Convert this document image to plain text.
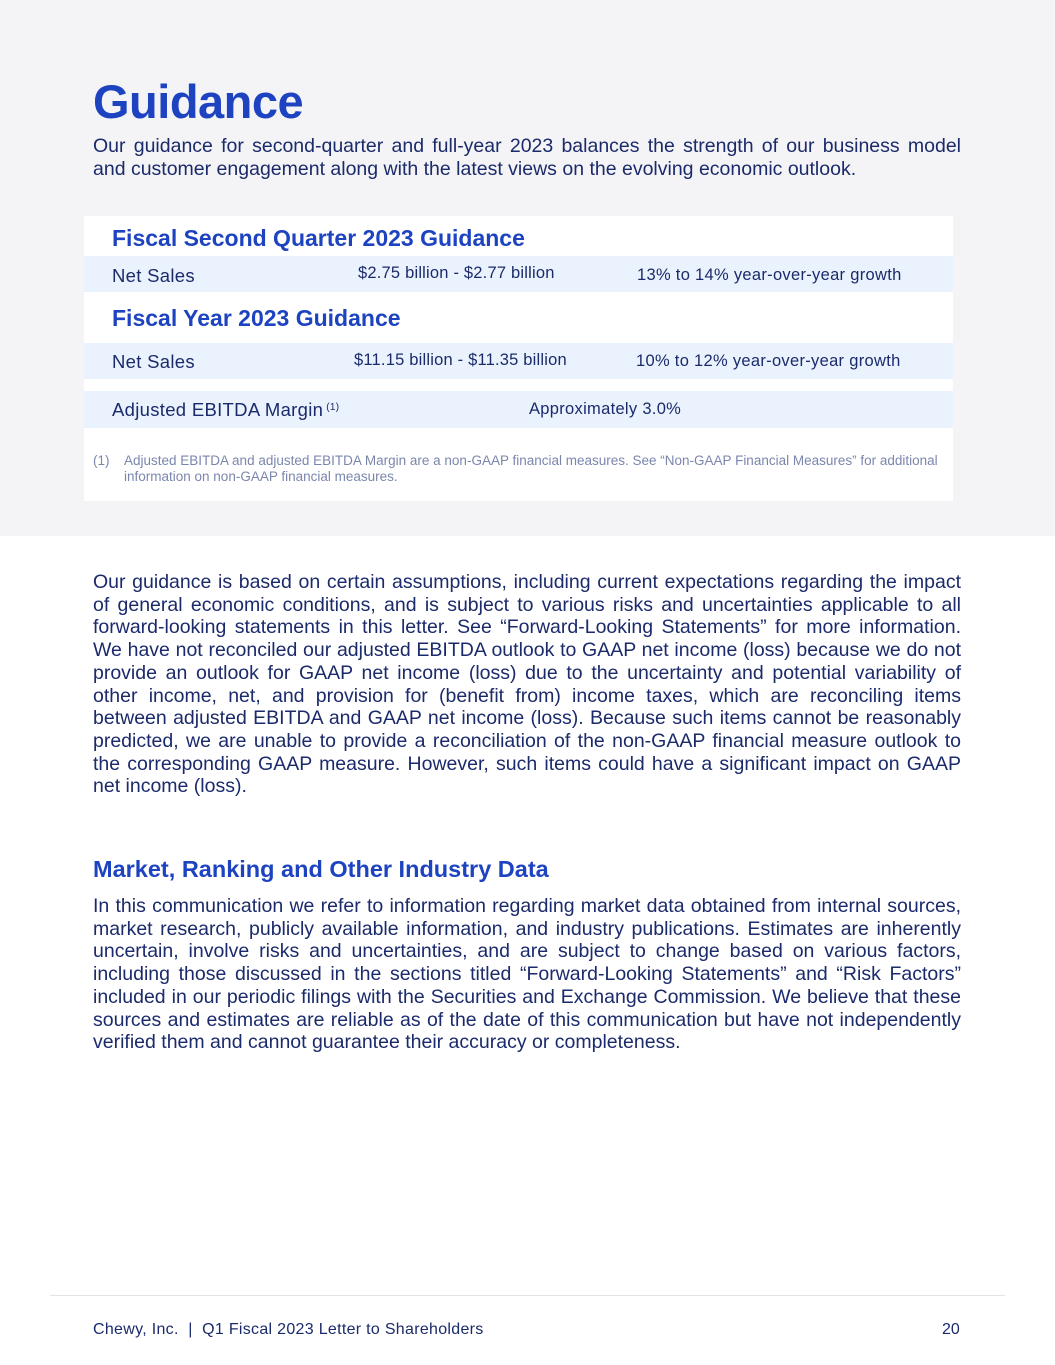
Guidance

Our guidance for second-quarter and full-year 2023 balances the strength of our business model and customer engagement along with the latest views on the evolving economic outlook.

Fiscal Second Quarter 2023 Guidance
Net Sales	$2.75 billion - $2.77 billion	13% to 14% year-over-year growth
Fiscal Year 2023 Guidance
Net Sales	$11.15 billion - $11.35 billion	10% to 12% year-over-year growth
Adjusted EBITDA Margin $^{(1)}$	Approximately 3.0%
(1) Adjusted EBITDA and adjusted EBITDA Margin are a non-GAAP financial measures. See “Non-GAAP Financial Measures” for additional information on non-GAAP financial measures.

Our guidance is based on certain assumptions, including current expectations regarding the impact of general economic conditions, and is subject to various risks and uncertainties applicable to all forward-looking statements in this letter. See “Forward-Looking Statements” for more information. We have not reconciled our adjusted EBITDA outlook to GAAP net income (loss) because we do not provide an outlook for GAAP net income (loss) due to the uncertainty and potential variability of other income, net, and provision for (benefit from) income taxes, which are reconciling items between adjusted EBITDA and GAAP net income (loss). Because such items cannot be reasonably predicted, we are unable to provide a reconciliation of the non-GAAP financial measure outlook to the corresponding GAAP measure. However, such items could have a significant impact on GAAP net income (loss).

Market, Ranking and Other Industry Data

In this communication we refer to information regarding market data obtained from internal sources, market research, publicly available information, and industry publications. Estimates are inherently uncertain, involve risks and uncertainties, and are subject to change based on various factors, including those discussed in the sections titled “Forward-Looking Statements” and “Risk Factors” included in our periodic filings with the Securities and Exchange Commission. We believe that these sources and estimates are reliable as of the date of this communication but have not independently verified them and cannot guarantee their accuracy or completeness.

Chewy, Inc.  |  Q1 Fiscal 2023 Letter to Shareholders	20
